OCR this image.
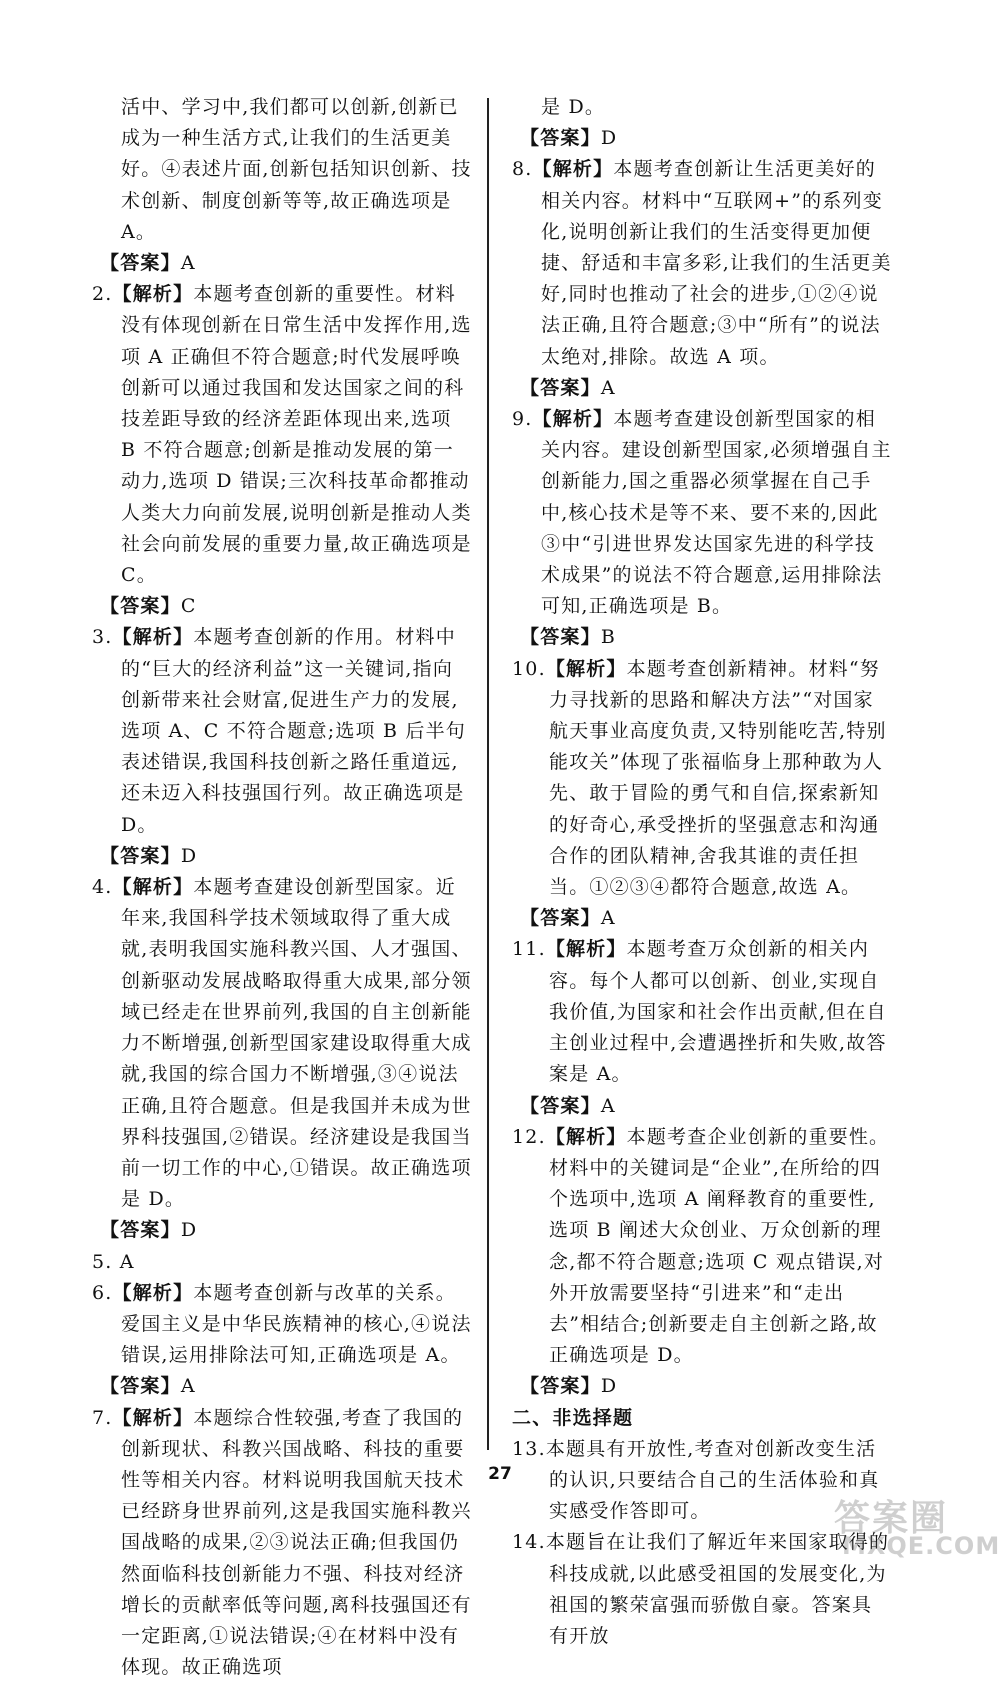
活中、学习中,我们都可以创新,创新已成为一种生活方式,让我们的生活更美好。④表述片面,创新包括知识创新、技术创新、制度创新等等,故正确选项是 A。
【答案】A
2.【解析】本题考查创新的重要性。材料没有体现创新在日常生活中发挥作用,选项 A 正确但不符合题意;时代发展呼唤创新可以通过我国和发达国家之间的科技差距导致的经济差距体现出来,选项 B 不符合题意;创新是推动发展的第一动力,选项 D 错误;三次科技革命都推动人类大力向前发展,说明创新是推动人类社会向前发展的重要力量,故正确选项是 C。
【答案】C
3.【解析】本题考查创新的作用。材料中的“巨大的经济利益”这一关键词,指向创新带来社会财富,促进生产力的发展,选项 A、C 不符合题意;选项 B 后半句表述错误,我国科技创新之路任重道远,还未迈入科技强国行列。故正确选项是 D。
【答案】D
4.【解析】本题考查建设创新型国家。近年来,我国科学技术领域取得了重大成就,表明我国实施科教兴国、人才强国、创新驱动发展战略取得重大成果,部分领域已经走在世界前列,我国的自主创新能力不断增强,创新型国家建设取得重大成就,我国的综合国力不断增强,③④说法正确,且符合题意。但是我国并未成为世界科技强国,②错误。经济建设是我国当前一切工作的中心,①错误。故正确选项是 D。
【答案】D
5. A
6.【解析】本题考查创新与改革的关系。爱国主义是中华民族精神的核心,④说法错误,运用排除法可知,正确选项是 A。
【答案】A
7.【解析】本题综合性较强,考查了我国的创新现状、科教兴国战略、科技的重要性等相关内容。材料说明我国航天技术已经跻身世界前列,这是我国实施科教兴国战略的成果,②③说法正确;但我国仍然面临科技创新能力不强、科技对经济增长的贡献率低等问题,离科技强国还有一定距离,①说法错误;④在材料中没有体现。故正确选项
是 D。
【答案】D
8.【解析】本题考查创新让生活更美好的相关内容。材料中“互联网+”的系列变化,说明创新让我们的生活变得更加便捷、舒适和丰富多彩,让我们的生活更美好,同时也推动了社会的进步,①②④说法正确,且符合题意;③中“所有”的说法太绝对,排除。故选 A 项。
【答案】A
9.【解析】本题考查建设创新型国家的相关内容。建设创新型国家,必须增强自主创新能力,国之重器必须掌握在自己手中,核心技术是等不来、要不来的,因此③中“引进世界发达国家先进的科学技术成果”的说法不符合题意,运用排除法可知,正确选项是 B。
【答案】B
10.【解析】本题考查创新精神。材料“努力寻找新的思路和解决方法”“对国家航天事业高度负责,又特别能吃苦,特别能攻关”体现了张福临身上那种敢为人先、敢于冒险的勇气和自信,探索新知的好奇心,承受挫折的坚强意志和沟通合作的团队精神,舍我其谁的责任担当。①②③④都符合题意,故选 A。
【答案】A
11.【解析】本题考查万众创新的相关内容。每个人都可以创新、创业,实现自我价值,为国家和社会作出贡献,但在自主创业过程中,会遭遇挫折和失败,故答案是 A。
【答案】A
12.【解析】本题考查企业创新的重要性。材料中的关键词是“企业”,在所给的四个选项中,选项 A 阐释教育的重要性,选项 B 阐述大众创业、万众创新的理念,都不符合题意;选项 C 观点错误,对外开放需要坚持“引进来”和“走出去”相结合;创新要走自主创新之路,故正确选项是 D。
【答案】D
二、非选择题
13.本题具有开放性,考查对创新改变生活的认识,只要结合自己的生活体验和真实感受作答即可。
14.本题旨在让我们了解近年来国家取得的科技成就,以此感受祖国的发展变化,为祖国的繁荣富强而骄傲自豪。答案具有开放
27
答案圈
MXQE.COM
